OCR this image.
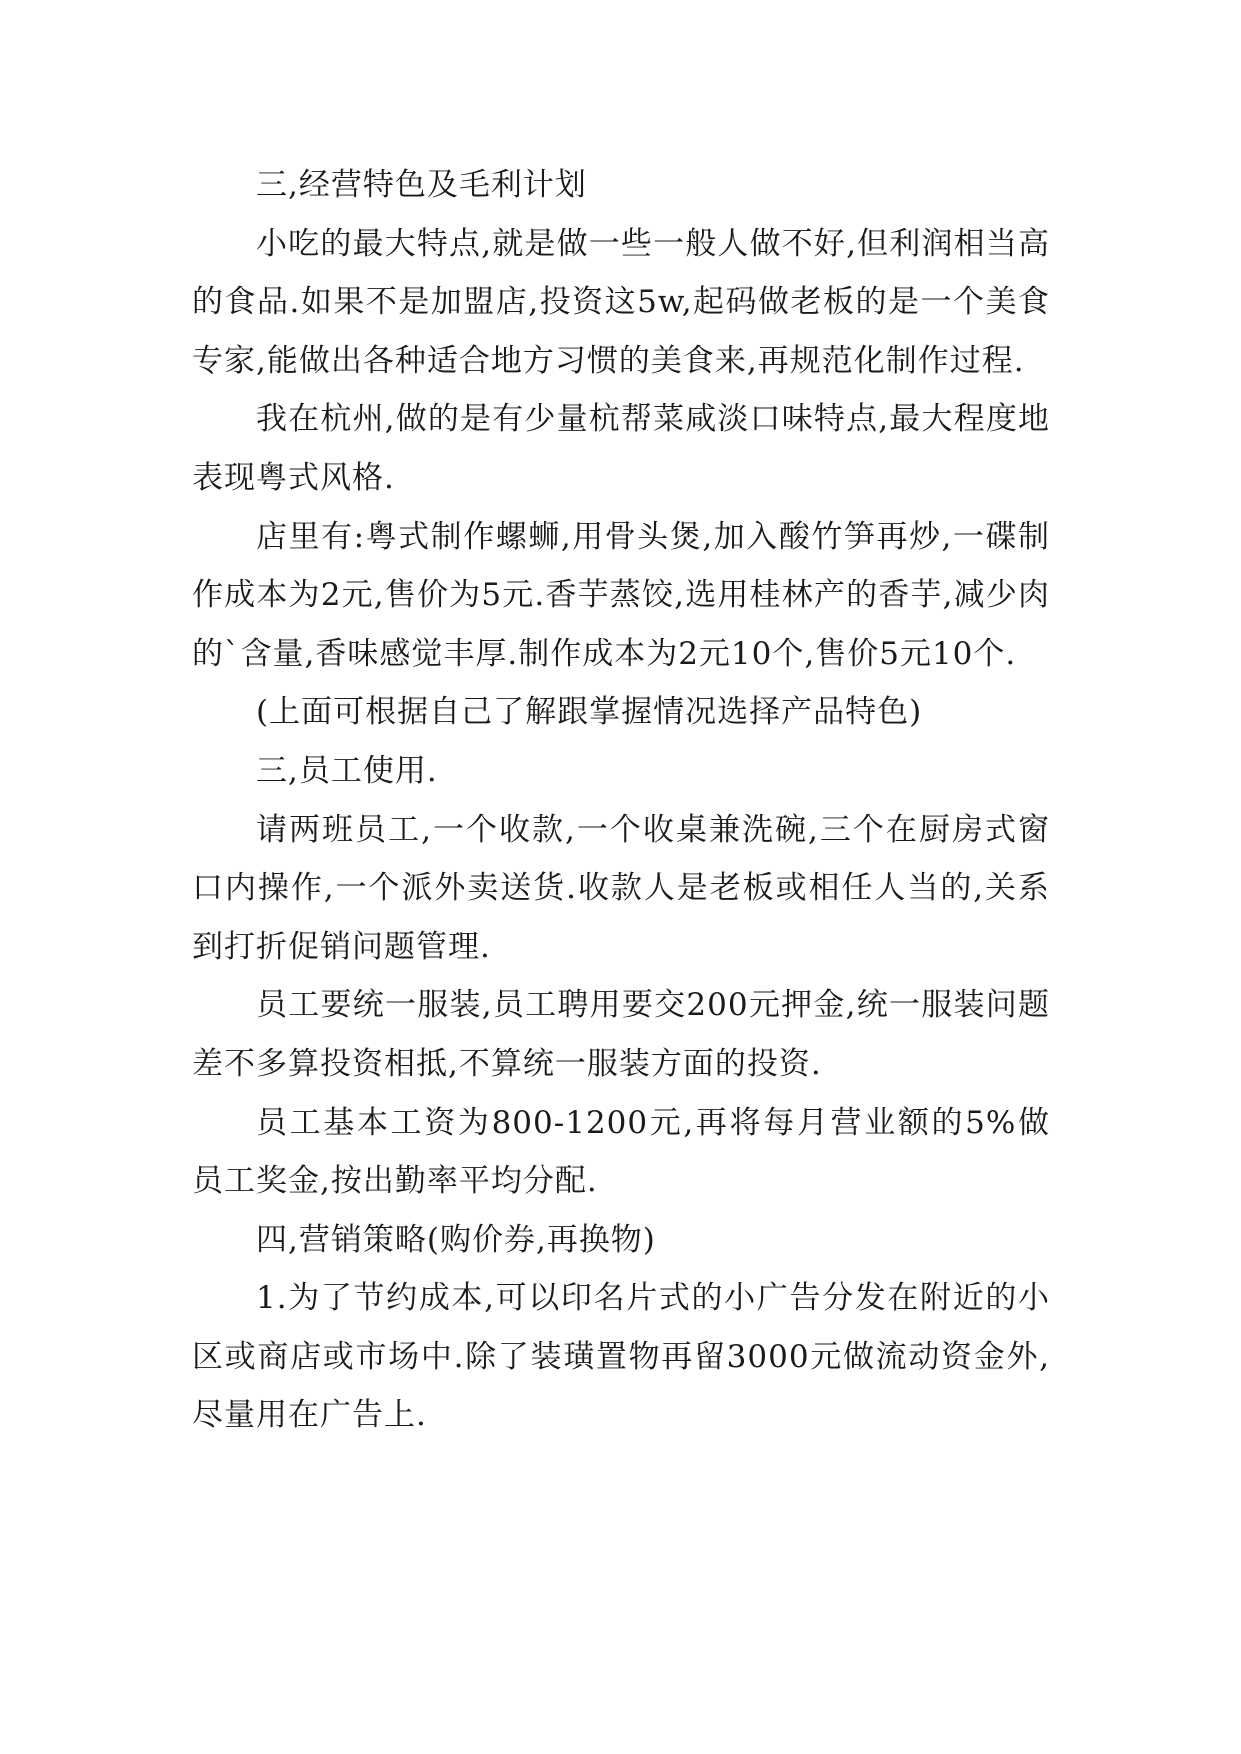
三,经营特色及毛利计划

小吃的最大特点,就是做一些一般人做不好,但利润相当高的食品.如果不是加盟店,投资这5w,起码做老板的是一个美食专家,能做出各种适合地方习惯的美食来,再规范化制作过程.

我在杭州,做的是有少量杭帮菜咸淡口味特点,最大程度地表现粤式风格.

店里有:粤式制作螺蛳,用骨头煲,加入酸竹笋再炒,一碟制作成本为2元,售价为5元.香芋蒸饺,选用桂林产的香芋,减少肉的`含量,香味感觉丰厚.制作成本为2元10个,售价5元10个.

(上面可根据自己了解跟掌握情况选择产品特色)

三,员工使用.

请两班员工,一个收款,一个收桌兼洗碗,三个在厨房式窗口内操作,一个派外卖送货.收款人是老板或相任人当的,关系到打折促销问题管理.

员工要统一服装,员工聘用要交200元押金,统一服装问题差不多算投资相抵,不算统一服装方面的投资.

员工基本工资为800-1200元,再将每月营业额的5%做员工奖金,按出勤率平均分配.

四,营销策略(购价券,再换物)

1.为了节约成本,可以印名片式的小广告分发在附近的小区或商店或市场中.除了装璜置物再留3000元做流动资金外,尽量用在广告上.
